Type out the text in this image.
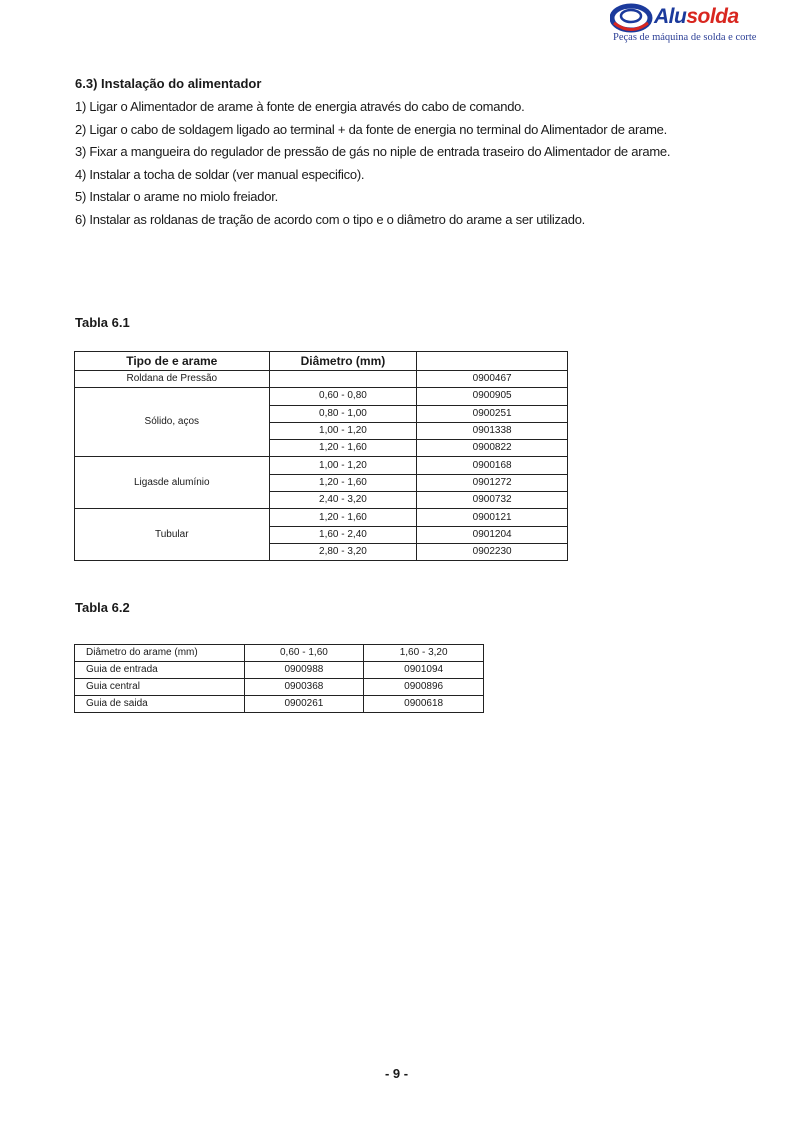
Alusolda
Peças de máquina de solda e corte
6.3) Instalação do alimentador
1) Ligar o Alimentador de arame à fonte de energia através do cabo de comando.
2) Ligar o cabo de soldagem ligado ao terminal + da fonte de energia no terminal do Alimentador de arame.
3) Fixar a mangueira do regulador de pressão de gás no niple de entrada traseiro do Alimentador de arame.
4) Instalar a tocha de soldar (ver manual especifico).
5) Instalar o arame no miolo freiador.
6) Instalar as roldanas de tração de acordo com o tipo e o diâmetro do arame a ser utilizado.
Tabla 6.1
Tipo de e arame	Diâmetro (mm)	
Roldana de Pressão		0900467
Sólido, aços	0,60 - 0,80	0900905
	0,80 - 1,00	0900251
	1,00 - 1,20	0901338
	1,20 - 1,60	0900822
Ligasde alumínio	1,00 - 1,20	0900168
	1,20 - 1,60	0901272
	2,40 - 3,20	0900732
Tubular	1,20 - 1,60	0900121
	1,60 - 2,40	0901204
	2,80 - 3,20	0902230
Tabla 6.2
Diâmetro do arame (mm)	0,60 - 1,60	1,60 - 3,20
Guia de entrada	0900988	0901094
Guia central	0900368	0900896
Guia de saida	0900261	0900618
- 9 -
